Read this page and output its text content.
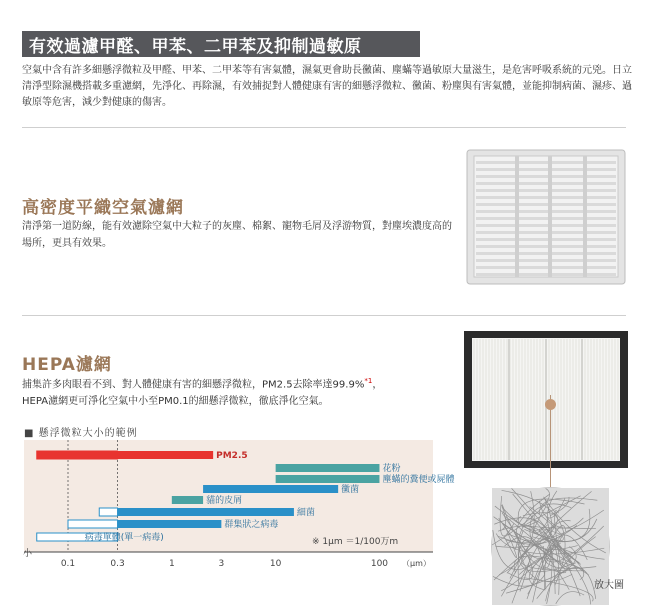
有效過濾甲醛、甲苯、二甲苯及抑制過敏原

空氣中含有許多細懸浮微粒及甲醛、甲苯、二甲苯等有害氣體，濕氣更會助長黴菌、塵蟎等過敏原大量滋生，是危害呼吸系統的元兇。日立清淨型除濕機搭載多重濾網，先淨化、再除濕，有效捕捉對人體健康有害的細懸浮微粒、黴菌、粉塵與有害氣體，並能抑制病菌、濕疹、過敏原等危害，減少對健康的傷害。

高密度平織空氣濾網

清淨第一道防線，能有效濾除空氣中大粒子的灰塵、棉絮、寵物毛屑及浮游物質，對塵埃濃度高的場所，更具有效果。

HEPA濾網

捕集許多肉眼看不到、對人體健康有害的細懸浮微粒，PM2.5去除率達99.9%$^{*1}$，
HEPA濾網更可淨化空氣中小至PM0.1的細懸浮微粒，徹底淨化空氣。

放大圖
■ 懸浮微粒大小的範例
PM2.5
花粉
塵蟎的糞便或屍體
黴菌
貓的皮屑
細菌
群集狀之病毒
病毒單體(單一病毒)
小
0.1	0.3	1	3	10	100 （µm）
※ 1µm ＝1/100万m
